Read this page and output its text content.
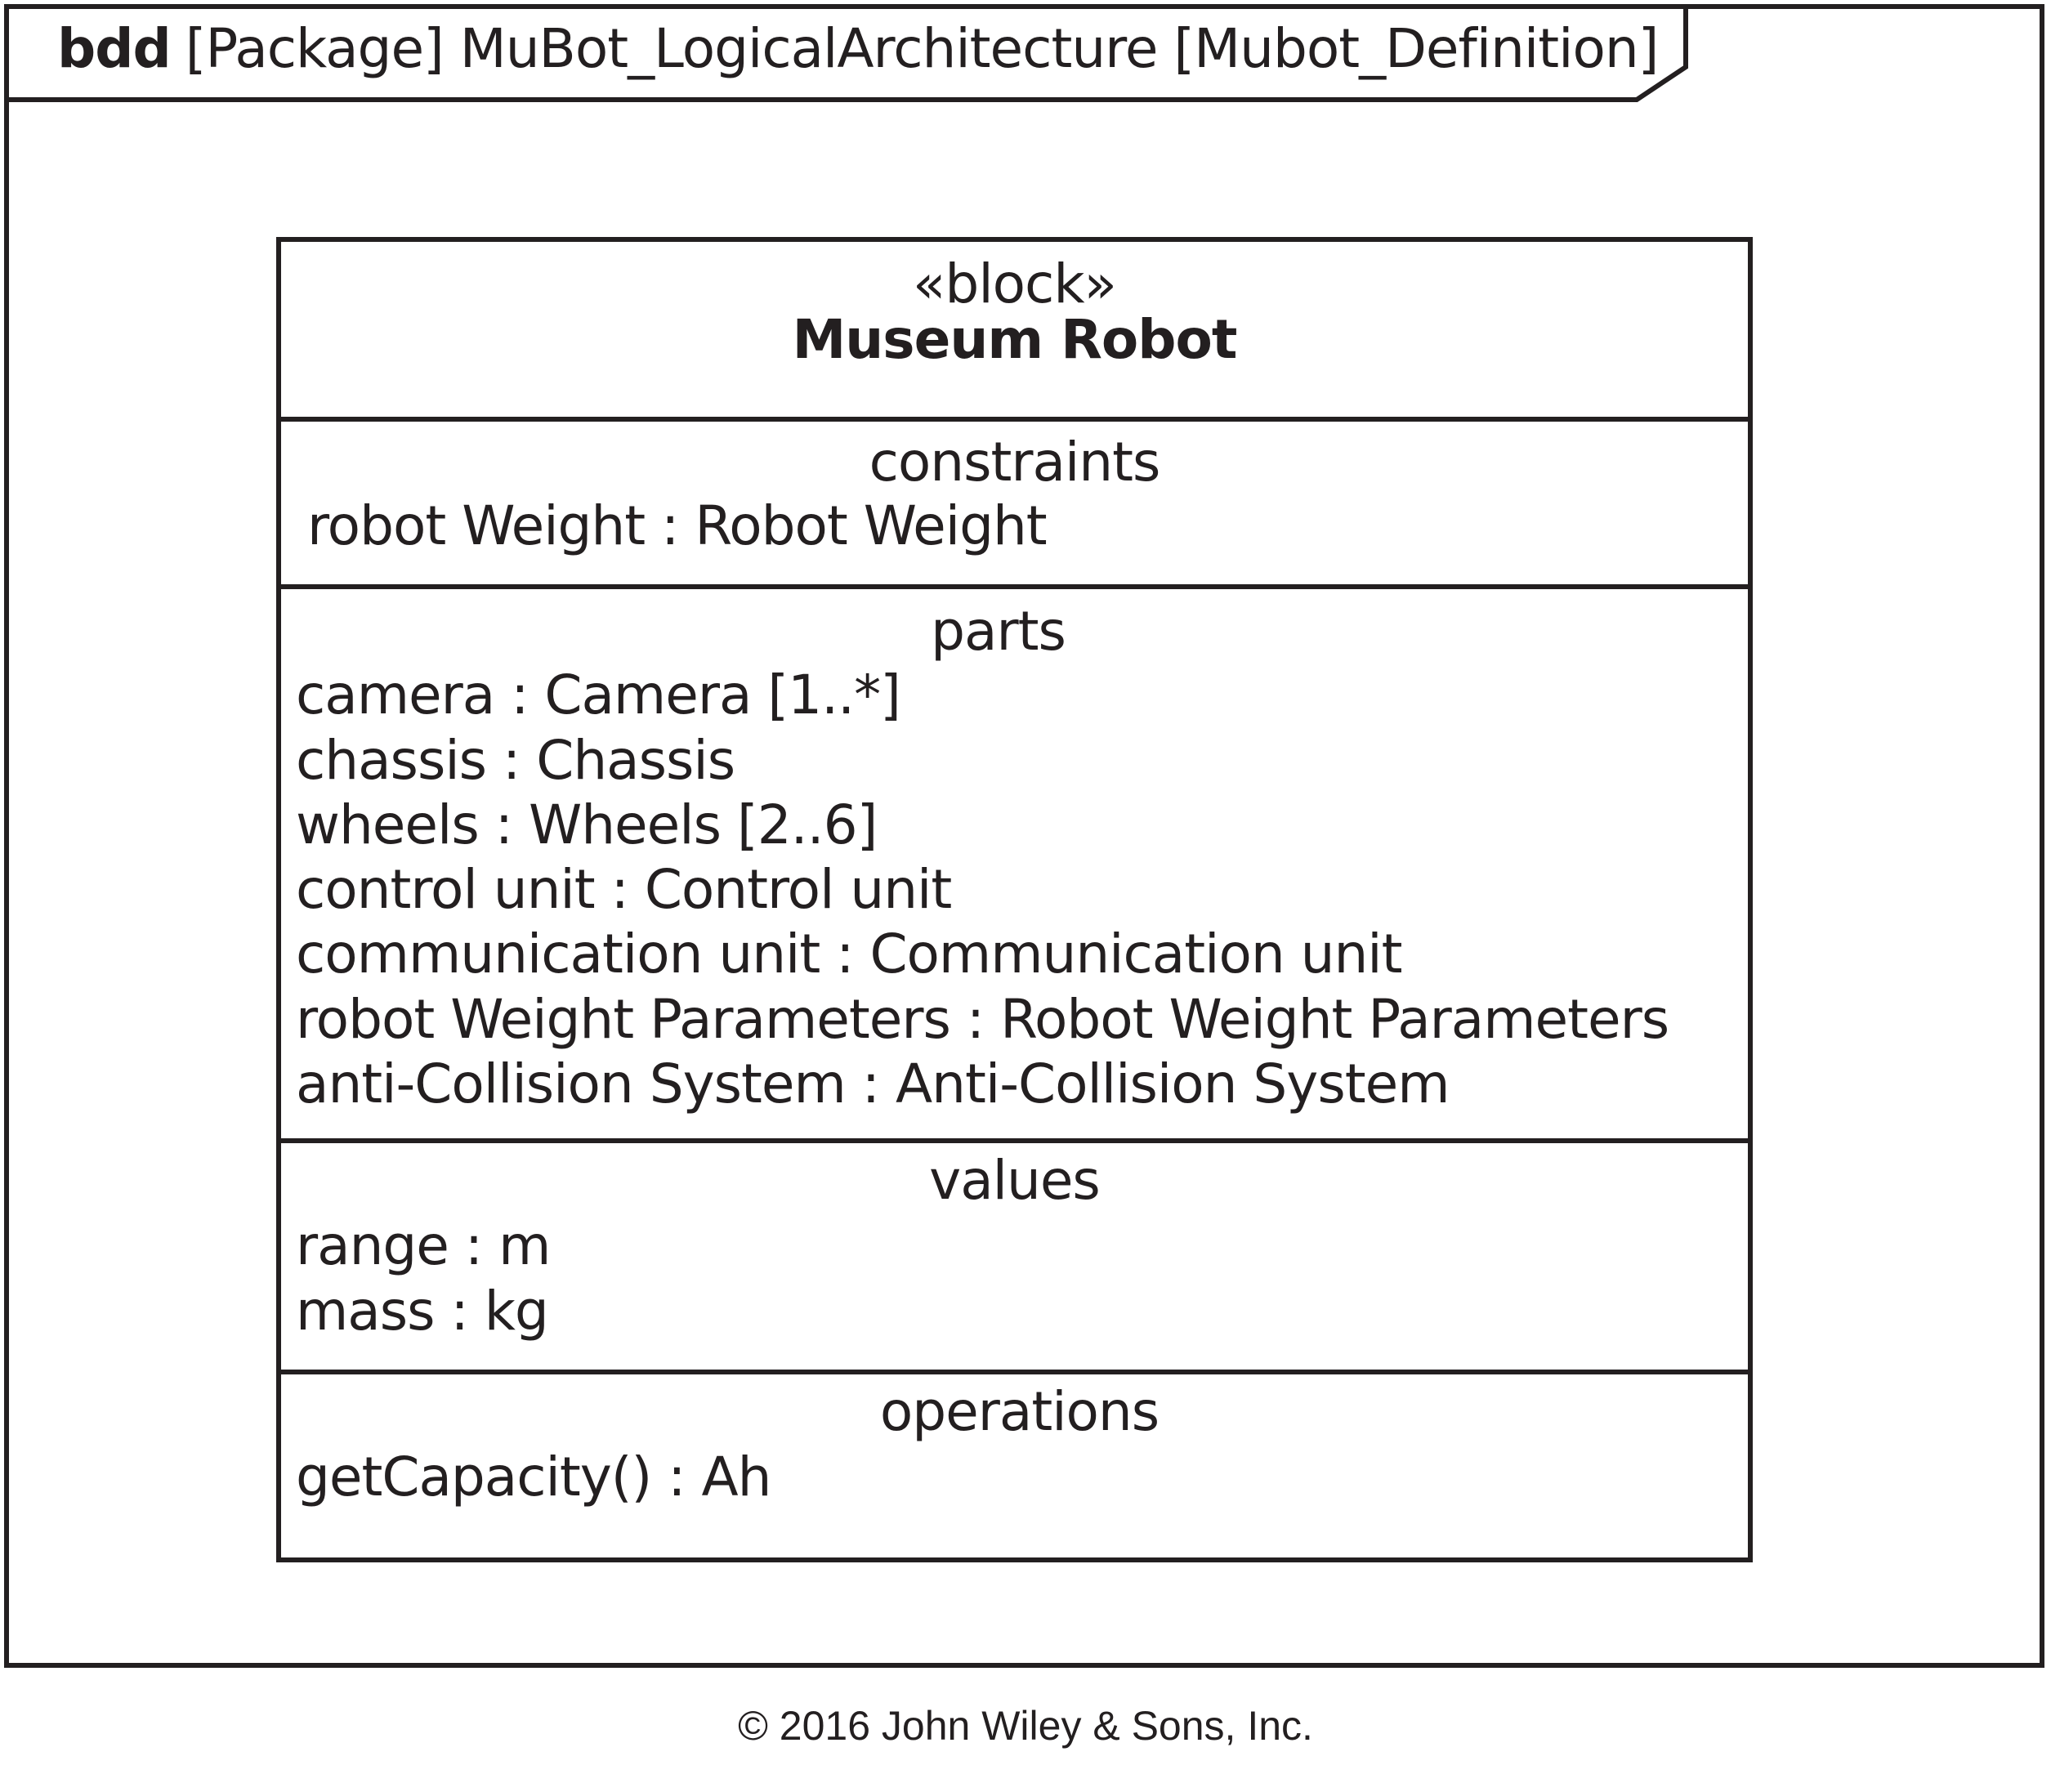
bdd [Package] MuBot_LogicalArchitecture [Mubot_Definition]
«block»
Museum Robot
constraints
robot Weight : Robot Weight
parts
camera : Camera [1..*]
chassis : Chassis
wheels : Wheels [2..6]
control unit : Control unit
communication unit : Communication unit
robot Weight Parameters : Robot Weight Parameters
anti-Collision System : Anti-Collision System
values
range : m
mass : kg
operations
getCapacity() : Ah
© 2016 John Wiley & Sons, Inc.
